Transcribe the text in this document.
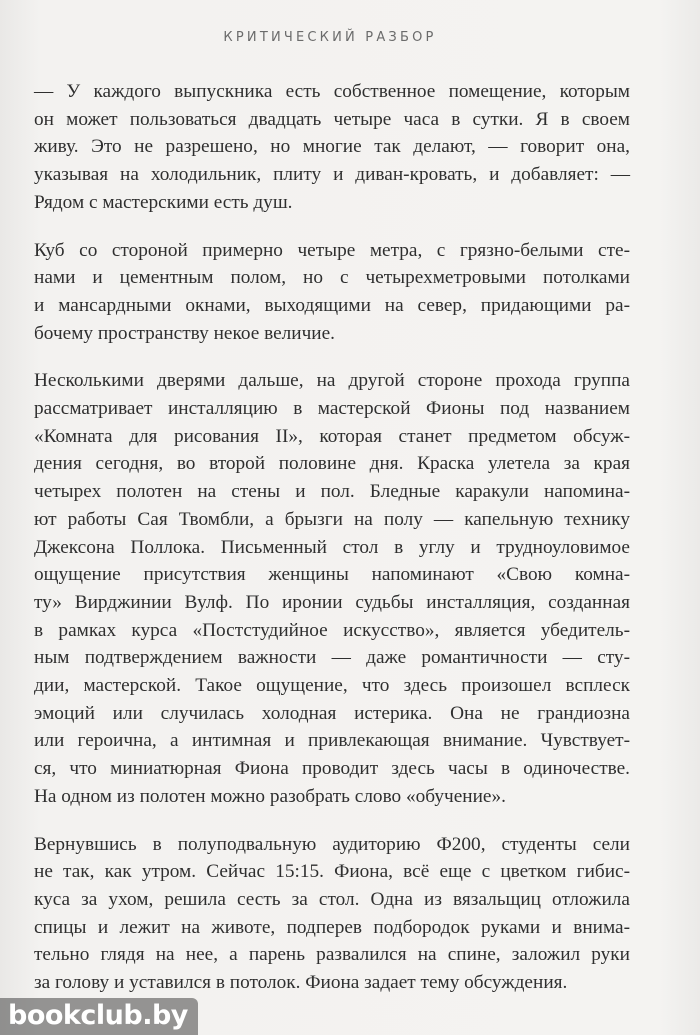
КРИТИЧЕСКИЙ РАЗБОР

— У каждого выпускника есть собственное помещение, которым
он может пользоваться двадцать четыре часа в сутки. Я в своем
живу. Это не разрешено, но многие так делают, — говорит она,
указывая на холодильник, плиту и диван-кровать, и добавляет: —
Рядом с мастерскими есть душ.

Куб со стороной примерно четыре метра, с грязно-белыми сте-
нами и цементным полом, но с четырехметровыми потолками
и мансардными окнами, выходящими на север, придающими ра-
бочему пространству некое величие.

Несколькими дверями дальше, на другой стороне прохода группа
рассматривает инсталляцию в мастерской Фионы под названием
«Комната для рисования II», которая станет предметом обсуж-
дения сегодня, во второй половине дня. Краска улетела за края
четырех полотен на стены и пол. Бледные каракули напомина-
ют работы Сая Твомбли, а брызги на полу — капельную технику
Джексона Поллока. Письменный стол в углу и трудноуловимое
ощущение присутствия женщины напоминают «Свою комна-
ту» Вирджинии Вулф. По иронии судьбы инсталляция, созданная
в рамках курса «Постстудийное искусство», является убедитель-
ным подтверждением важности — даже романтичности — сту-
дии, мастерской. Такое ощущение, что здесь произошел всплеск
эмоций или случилась холодная истерика. Она не грандиозна
или героична, а интимная и привлекающая внимание. Чувствует-
ся, что миниатюрная Фиона проводит здесь часы в одиночестве.
На одном из полотен можно разобрать слово «обучение».

Вернувшись в полуподвальную аудиторию Ф200, студенты сели
не так, как утром. Сейчас 15:15. Фиона, всё еще с цветком гибис-
куса за ухом, решила сесть за стол. Одна из вязальщиц отложила
спицы и лежит на животе, подперев подбородок руками и внима-
тельно глядя на нее, а парень развалился на спине, заложил руки
за голову и уставился в потолок. Фиона задает тему обсуждения.

bookclub.by
